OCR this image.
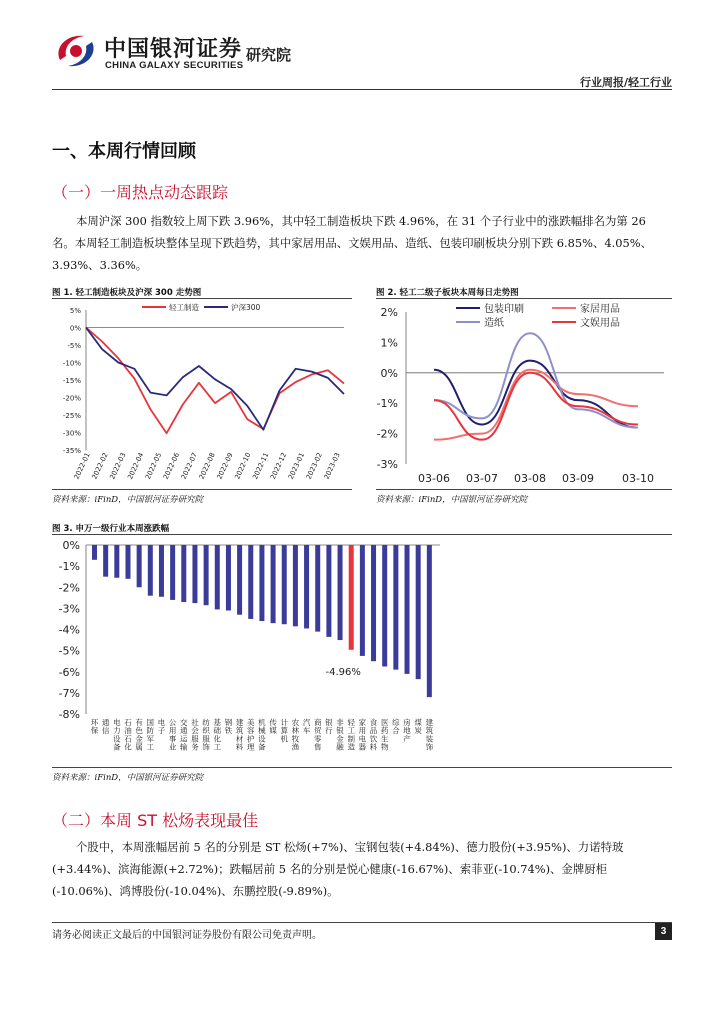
中国银河证券
CHINA GALAXY SECURITIES
研究院
行业周报/轻工行业
一、本周行情回顾
（一）一周热点动态跟踪
本周沪深 300 指数较上周下跌 3.96%，其中轻工制造板块下跌 4.96%，在 31 个子行业中的涨跌幅排名为第 26 名。本周轻工制造板块整体呈现下跌趋势，其中家居用品、文娱用品、造纸、包装印刷板块分别下跌 6.85%、4.05%、3.93%、3.36%。
图 1. 轻工制造板块及沪深 300 走势图
5%
0%
-5%
-10%
-15%
-20%
-25%
-30%
-35%
2022-01
2022-02
2022-03
2022-04
2022-05
2022-06
2022-07
2022-08
2022-09
2022-10
2022-11
2022-12
2023-01
2023-02
2023-03
轻工制造	沪深300
资料来源：iFinD，中国银河证券研究院
图 2. 轻工二级子板块本周每日走势图
2%
1%
0%
-1%
-2%
-3%
03-06 03-07 03-08 03-09	03-10
包装印刷	家居用品
造纸	文娱用品
资料来源：iFinD，中国银河证券研究院
图 3. 申万一级行业本周涨跌幅
0%
-1%
-2%
-3%
-4%
-5%
-6%
-7%
-8%
环
保
通
信
电
力
设
备
石
油
石
化
有
色
金
属
国
防
军
工
电
子
公
用
事
业
交
通
运
输
社
会
服
务
纺
织
服
饰
基
础
化
工
钢
铁
建
筑
材
料
美
容
护
理
机
械
设
备
传
媒
计
算
机
农
林
牧
渔
汽
车
商
贸
零
售
银
行
非
银
金
融
轻
工
制
造
家
用
电
器
食
品
饮
料
医
药
生
物
综
合
房
地
产
煤
炭
建
筑
装
饰
-4.96%
资料来源：iFinD，中国银河证券研究院
（二）本周 ST 松炀表现最佳
个股中，本周涨幅居前 5 名的分别是 ST 松炀(+7%)、宝钢包装(+4.84%)、德力股份(+3.95%)、力诺特玻(+3.44%)、滨海能源(+2.72%)；跌幅居前 5 名的分别是悦心健康(-16.67%)、索菲亚(-10.74%)、金牌厨柜(-10.06%)、鸿博股份(-10.04%)、东鹏控股(-9.89%)。
请务必阅读正文最后的中国银河证券股份有限公司免责声明。	3
